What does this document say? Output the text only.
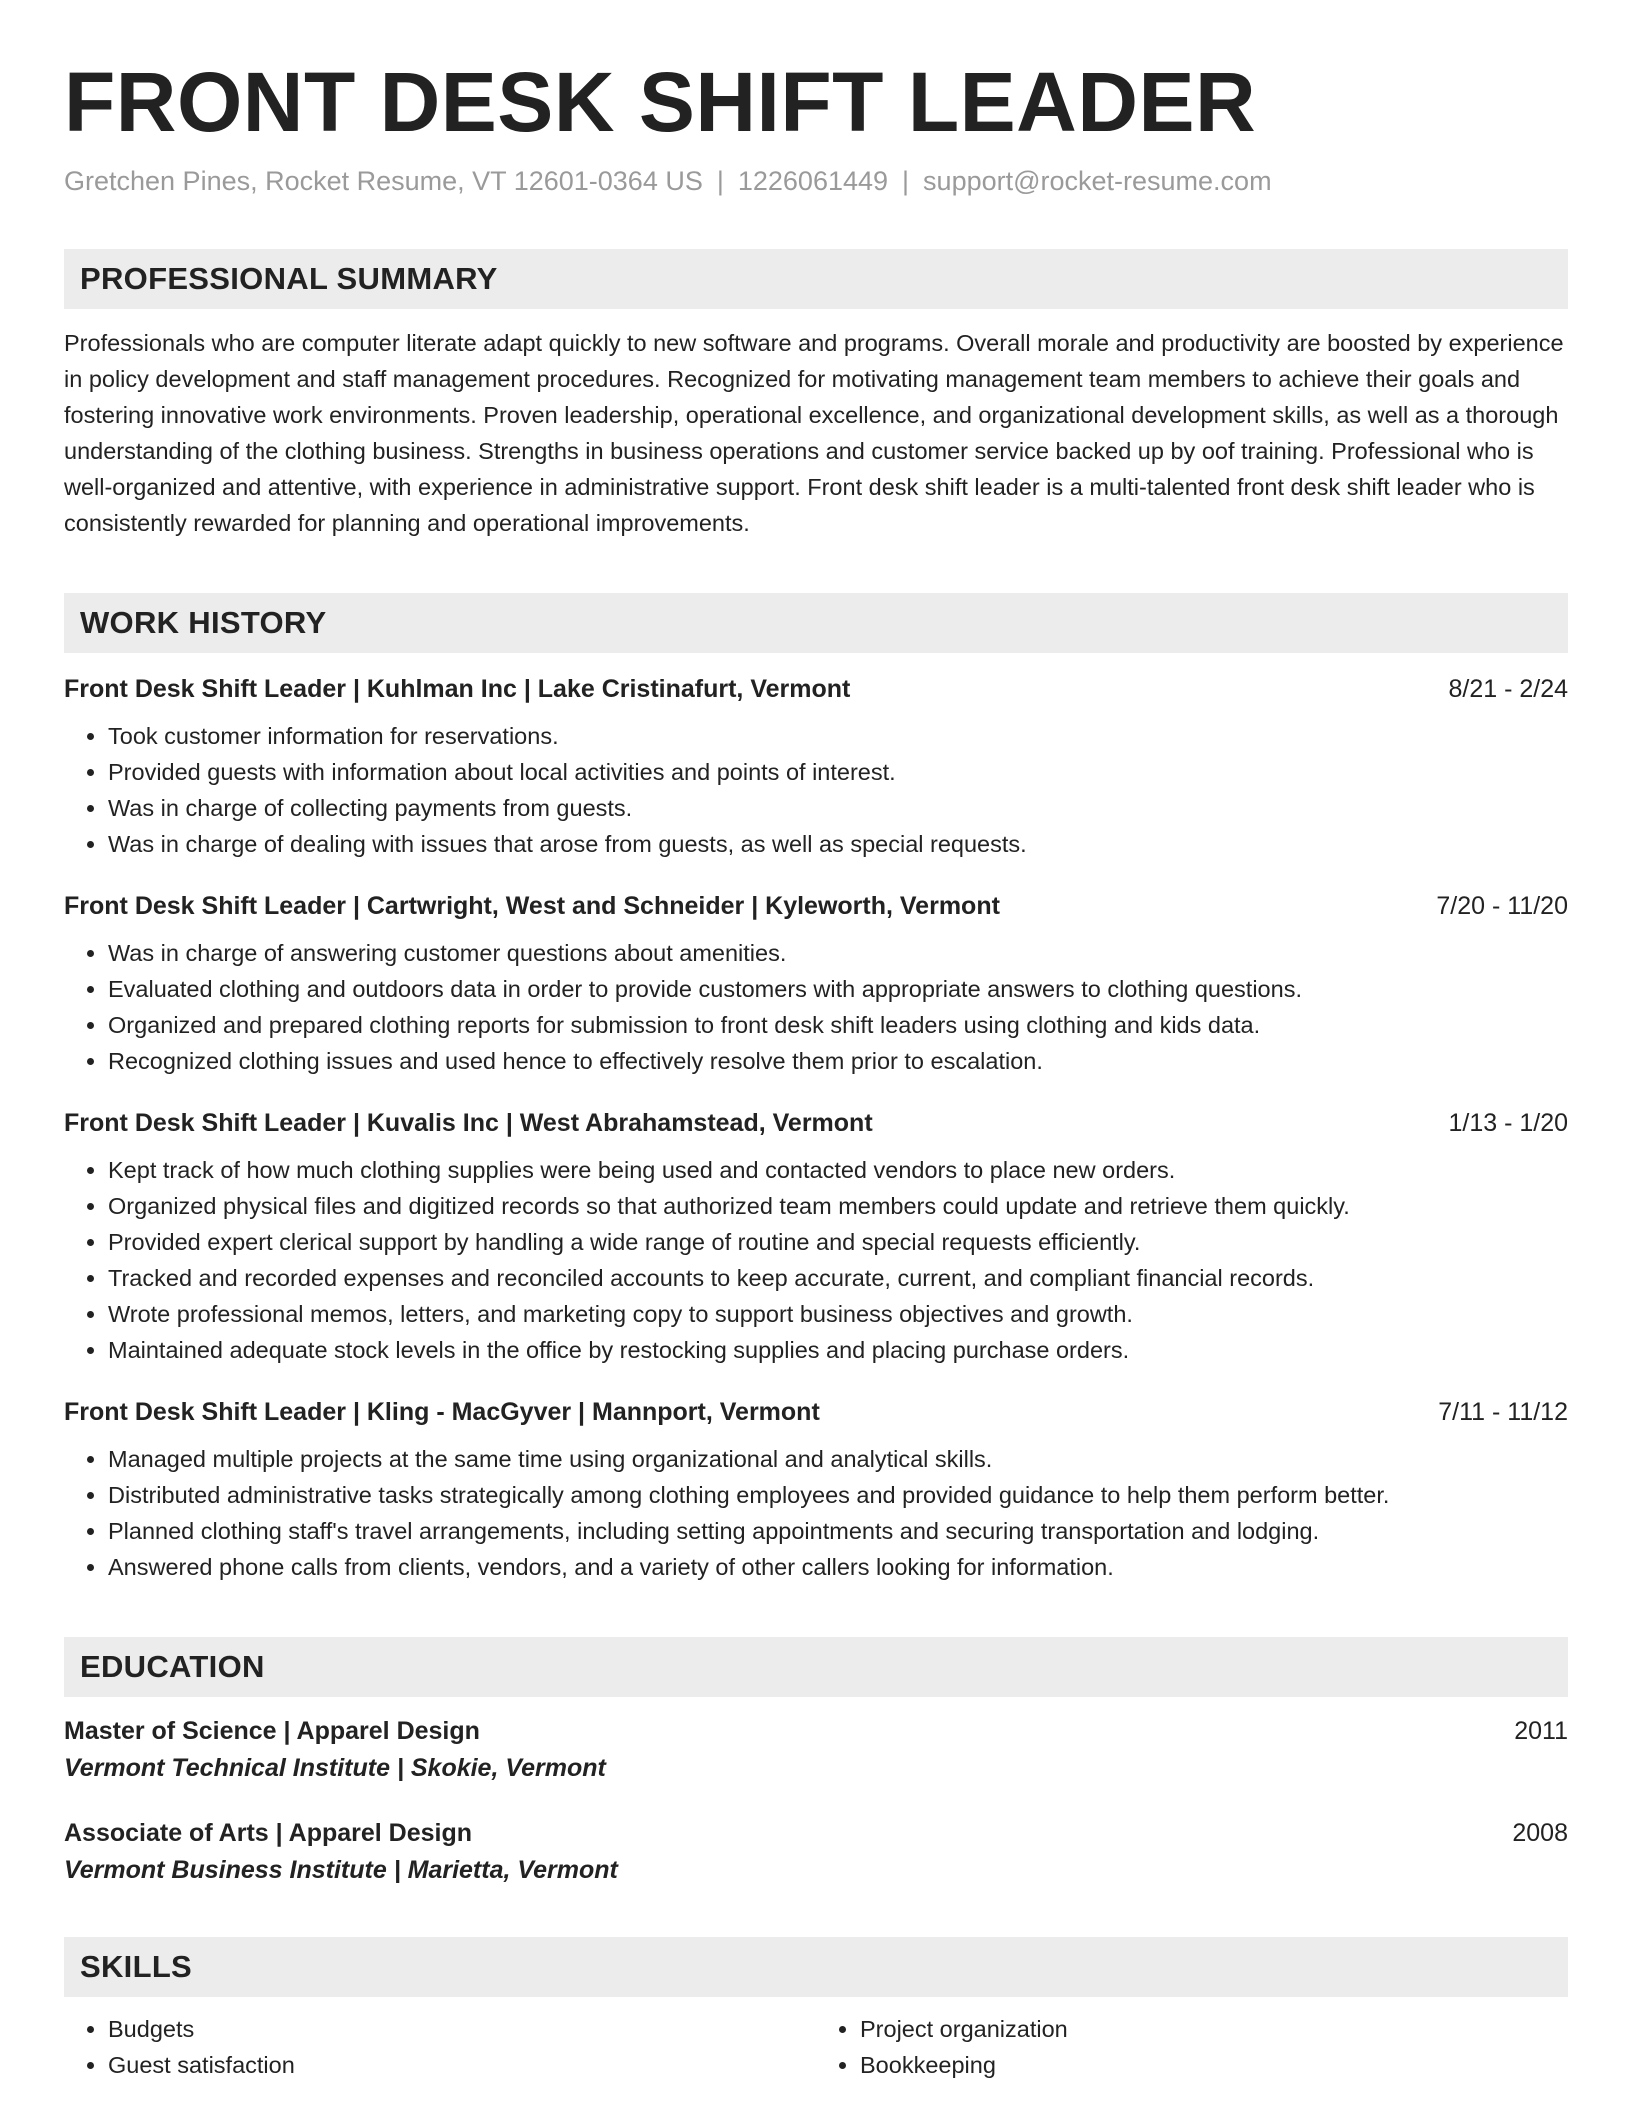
FRONT DESK SHIFT LEADER
Gretchen Pines, Rocket Resume, VT 12601-0364 US | 1226061449 | support@rocket-resume.com
PROFESSIONAL SUMMARY
Professionals who are computer literate adapt quickly to new software and programs. Overall morale and productivity are boosted by experience in policy development and staff management procedures. Recognized for motivating management team members to achieve their goals and fostering innovative work environments. Proven leadership, operational excellence, and organizational development skills, as well as a thorough understanding of the clothing business. Strengths in business operations and customer service backed up by oof training. Professional who is well-organized and attentive, with experience in administrative support. Front desk shift leader is a multi-talented front desk shift leader who is consistently rewarded for planning and operational improvements.
WORK HISTORY
Front Desk Shift Leader | Kuhlman Inc | Lake Cristinafurt, Vermont	8/21 - 2/24
• Took customer information for reservations.
• Provided guests with information about local activities and points of interest.
• Was in charge of collecting payments from guests.
• Was in charge of dealing with issues that arose from guests, as well as special requests.
Front Desk Shift Leader | Cartwright, West and Schneider | Kyleworth, Vermont	7/20 - 11/20
• Was in charge of answering customer questions about amenities.
• Evaluated clothing and outdoors data in order to provide customers with appropriate answers to clothing questions.
• Organized and prepared clothing reports for submission to front desk shift leaders using clothing and kids data.
• Recognized clothing issues and used hence to effectively resolve them prior to escalation.
Front Desk Shift Leader | Kuvalis Inc | West Abrahamstead, Vermont	1/13 - 1/20
• Kept track of how much clothing supplies were being used and contacted vendors to place new orders.
• Organized physical files and digitized records so that authorized team members could update and retrieve them quickly.
• Provided expert clerical support by handling a wide range of routine and special requests efficiently.
• Tracked and recorded expenses and reconciled accounts to keep accurate, current, and compliant financial records.
• Wrote professional memos, letters, and marketing copy to support business objectives and growth.
• Maintained adequate stock levels in the office by restocking supplies and placing purchase orders.
Front Desk Shift Leader | Kling - MacGyver | Mannport, Vermont	7/11 - 11/12
• Managed multiple projects at the same time using organizational and analytical skills.
• Distributed administrative tasks strategically among clothing employees and provided guidance to help them perform better.
• Planned clothing staff's travel arrangements, including setting appointments and securing transportation and lodging.
• Answered phone calls from clients, vendors, and a variety of other callers looking for information.
EDUCATION
Master of Science | Apparel Design	2011
Vermont Technical Institute | Skokie, Vermont
Associate of Arts | Apparel Design	2008
Vermont Business Institute | Marietta, Vermont
SKILLS
• Budgets
• Guest satisfaction
• Project organization
• Bookkeeping
